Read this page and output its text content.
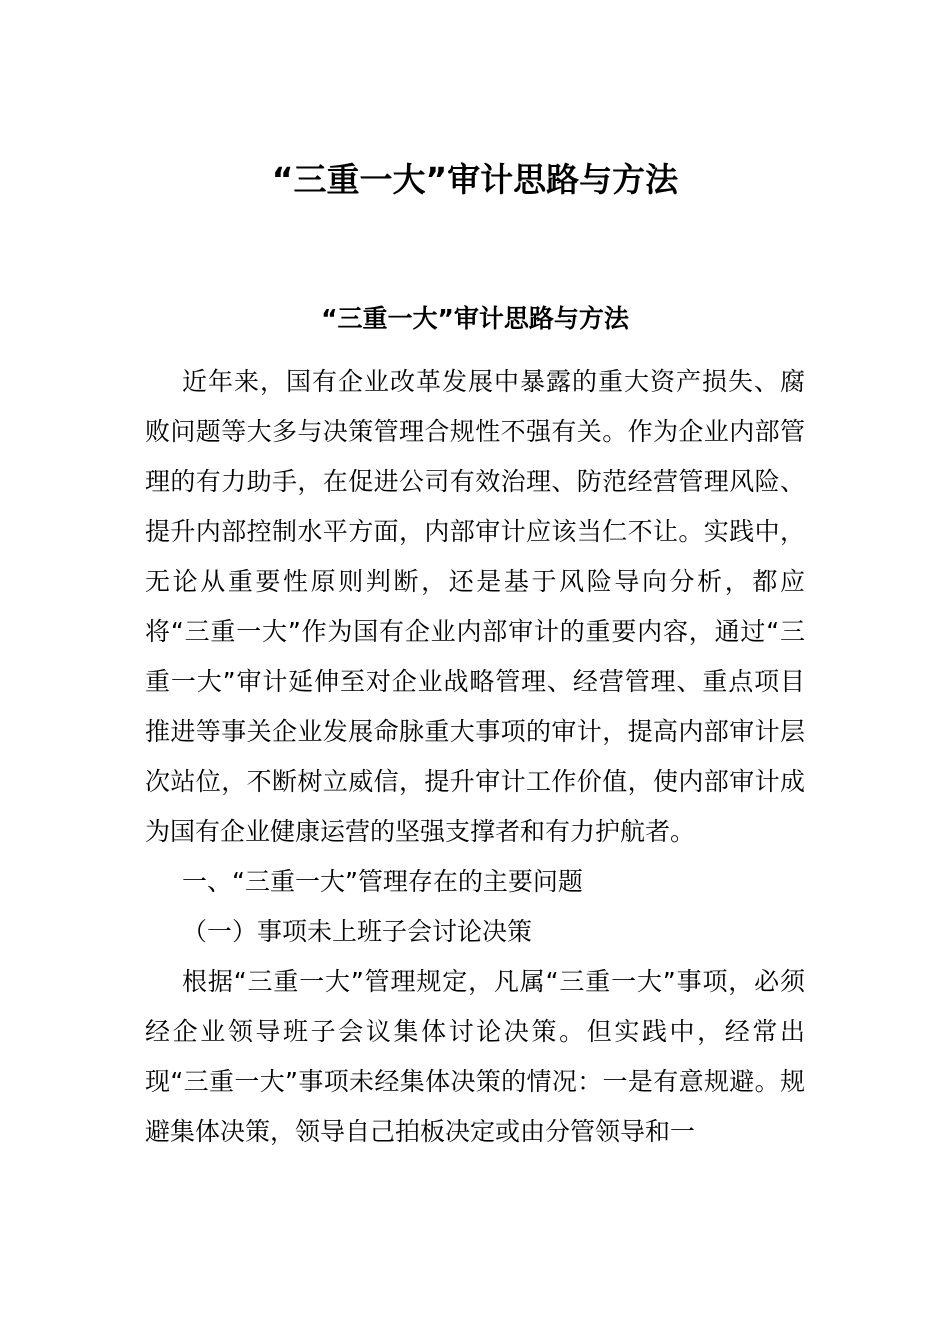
“三重一大”审计思路与方法
“三重一大”审计思路与方法

近年来，国有企业改革发展中暴露的重大资产损失、腐败问题等大多与决策管理合规性不强有关。作为企业内部管理的有力助手，在促进公司有效治理、防范经营管理风险、提升内部控制水平方面，内部审计应该当仁不让。实践中，无论从重要性原则判断，还是基于风险导向分析，都应将“三重一大”作为国有企业内部审计的重要内容，通过“三重一大”审计延伸至对企业战略管理、经营管理、重点项目推进等事关企业发展命脉重大事项的审计，提高内部审计层次站位，不断树立威信，提升审计工作价值，使内部审计成为国有企业健康运营的坚强支撑者和有力护航者。

一、“三重一大”管理存在的主要问题

（一）事项未上班子会讨论决策

根据“三重一大”管理规定，凡属“三重一大”事项，必须经企业领导班子会议集体讨论决策。但实践中，经常出现“三重一大”事项未经集体决策的情况：一是有意规避。规避集体决策，领导自己拍板决定或由分管领导和一
